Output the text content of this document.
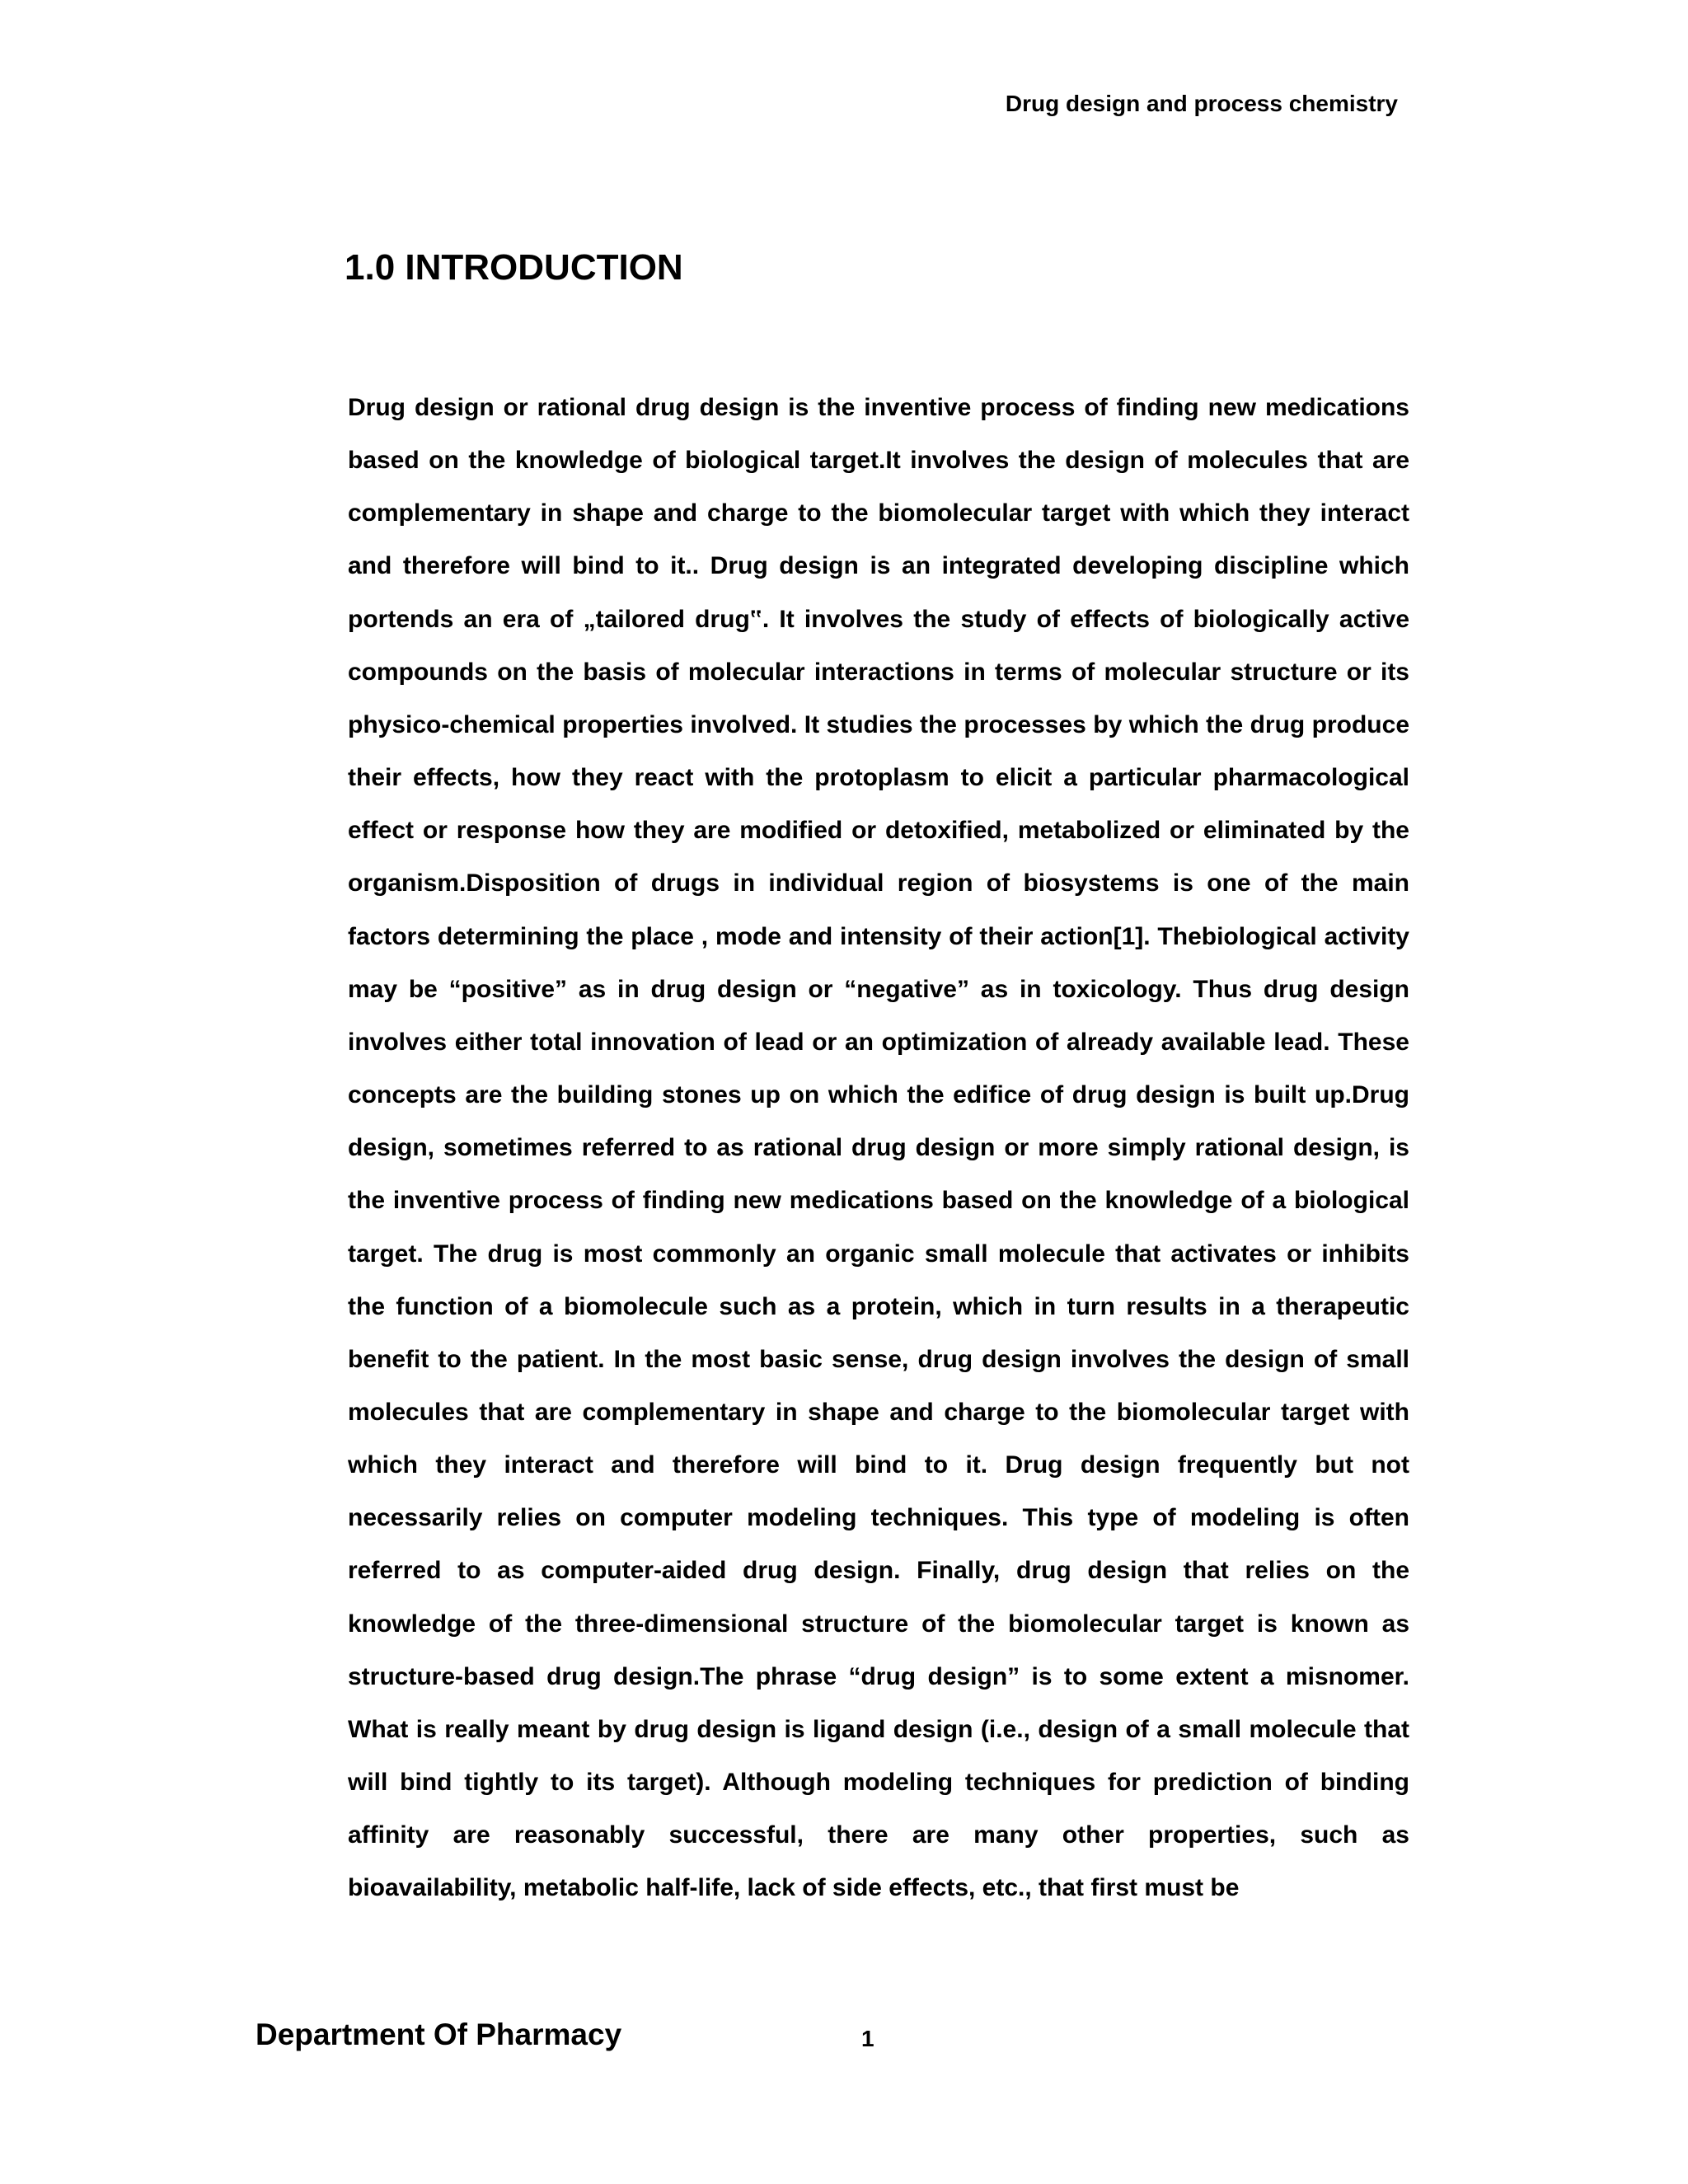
Drug design and process chemistry
1.0 INTRODUCTION

Drug design or rational drug design is the inventive process of finding new medications based on the knowledge of biological target.It involves the design of molecules that are complementary in shape and charge to the biomolecular target with which they interact and therefore will bind to it.. Drug design is an integrated developing discipline which portends an era of „tailored drug‟. It involves the study of effects of biologically active compounds on the basis of molecular interactions in terms of molecular structure or its physico-chemical properties involved. It studies the processes by which the drug produce their effects, how they react with the protoplasm to elicit a particular pharmacological effect or response how they are modified or detoxified, metabolized or eliminated by the organism.Disposition of drugs in individual region of biosystems is one of the main factors determining the place , mode and intensity of their action[1]. Thebiological activity may be “positive” as in drug design or “negative” as in toxicology. Thus drug design involves either total innovation of lead or an optimization of already available lead. These concepts are the building stones up on which the edifice of drug design is built up.Drug design, sometimes referred to as rational drug design or more simply rational design, is the inventive process of finding new medications based on the knowledge of a biological target. The drug is most commonly an organic small molecule that activates or inhibits the function of a biomolecule such as a protein, which in turn results in a therapeutic benefit to the patient. In the most basic sense, drug design involves the design of small molecules that are complementary in shape and charge to the biomolecular target with which they interact and therefore will bind to it. Drug design frequently but not necessarily relies on computer modeling techniques. This type of modeling is often referred to as computer-aided drug design. Finally, drug design that relies on the knowledge of the three-dimensional structure of the biomolecular target is known as structure-based drug design.The phrase “drug design” is to some extent a misnomer. What is really meant by drug design is ligand design (i.e., design of a small molecule that will bind tightly to its target). Although modeling techniques for prediction of binding affinity are reasonably successful, there are many other properties, such as bioavailability, metabolic half-life, lack of side effects, etc., that first must be

Department Of Pharmacy	1
